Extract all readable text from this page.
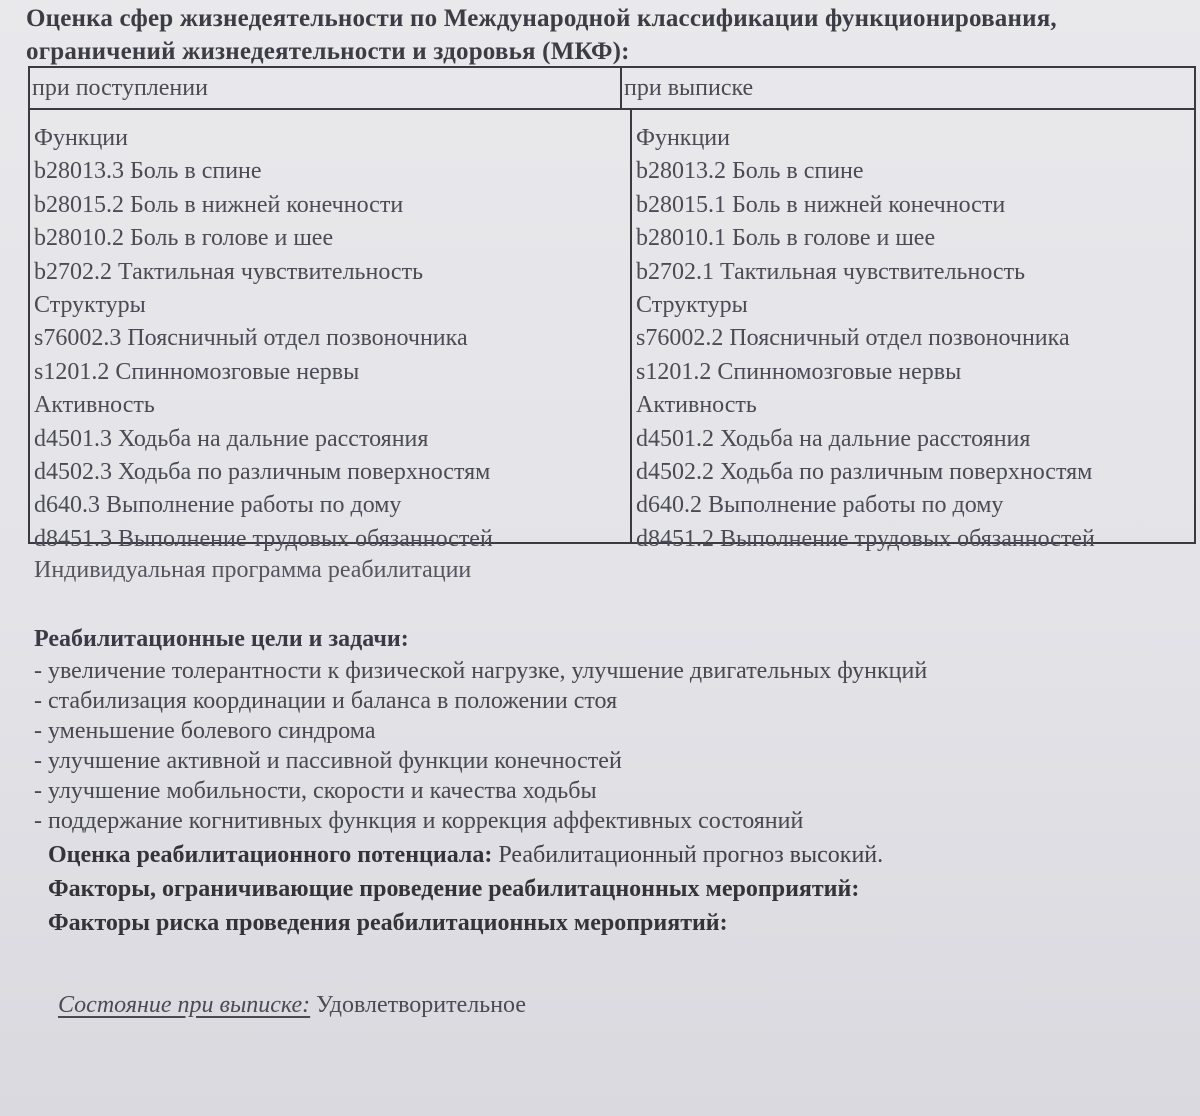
Оценка сфер жизнедеятельности по Международной классификации функционирования,
ограничений жизнедеятельности и здоровья (МКФ):
при поступлении	при выписке
Функции
b28013.3 Боль в спине
b28015.2 Боль в нижней конечности
b28010.2 Боль в голове и шее
b2702.2 Тактильная чувствительность
Структуры
s76002.3 Поясничный отдел позвоночника
s1201.2 Спинномозговые нервы
Активность
d4501.3 Ходьба на дальние расстояния
d4502.3 Ходьба по различным поверхностям
d640.3 Выполнение работы по дому
d8451.3 Выполнение трудовых обязанностей
Функции
b28013.2 Боль в спине
b28015.1 Боль в нижней конечности
b28010.1 Боль в голове и шее
b2702.1 Тактильная чувствительность
Структуры
s76002.2 Поясничный отдел позвоночника
s1201.2 Спинномозговые нервы
Активность
d4501.2 Ходьба на дальние расстояния
d4502.2 Ходьба по различным поверхностям
d640.2 Выполнение работы по дому
d8451.2 Выполнение трудовых обязанностей
Индивидуальная программа реабилитации
Реабилитационные цели и задачи:
- увеличение толерантности к физической нагрузке, улучшение двигательных функций
- стабилизация координации и баланса в положении стоя
- уменьшение болевого синдрома
- улучшение активной и пассивной функции конечностей
- улучшение мобильности, скорости и качества ходьбы
- поддержание когнитивных функция и коррекция аффективных состояний
Оценка реабилитационного потенциала: Реабилитационный прогноз высокий.
Факторы, ограничивающие проведение реабилитацнонных мероприятий:
Факторы риска проведения реабилитационных мероприятий:
Состояние при выписке: Удовлетворительное
